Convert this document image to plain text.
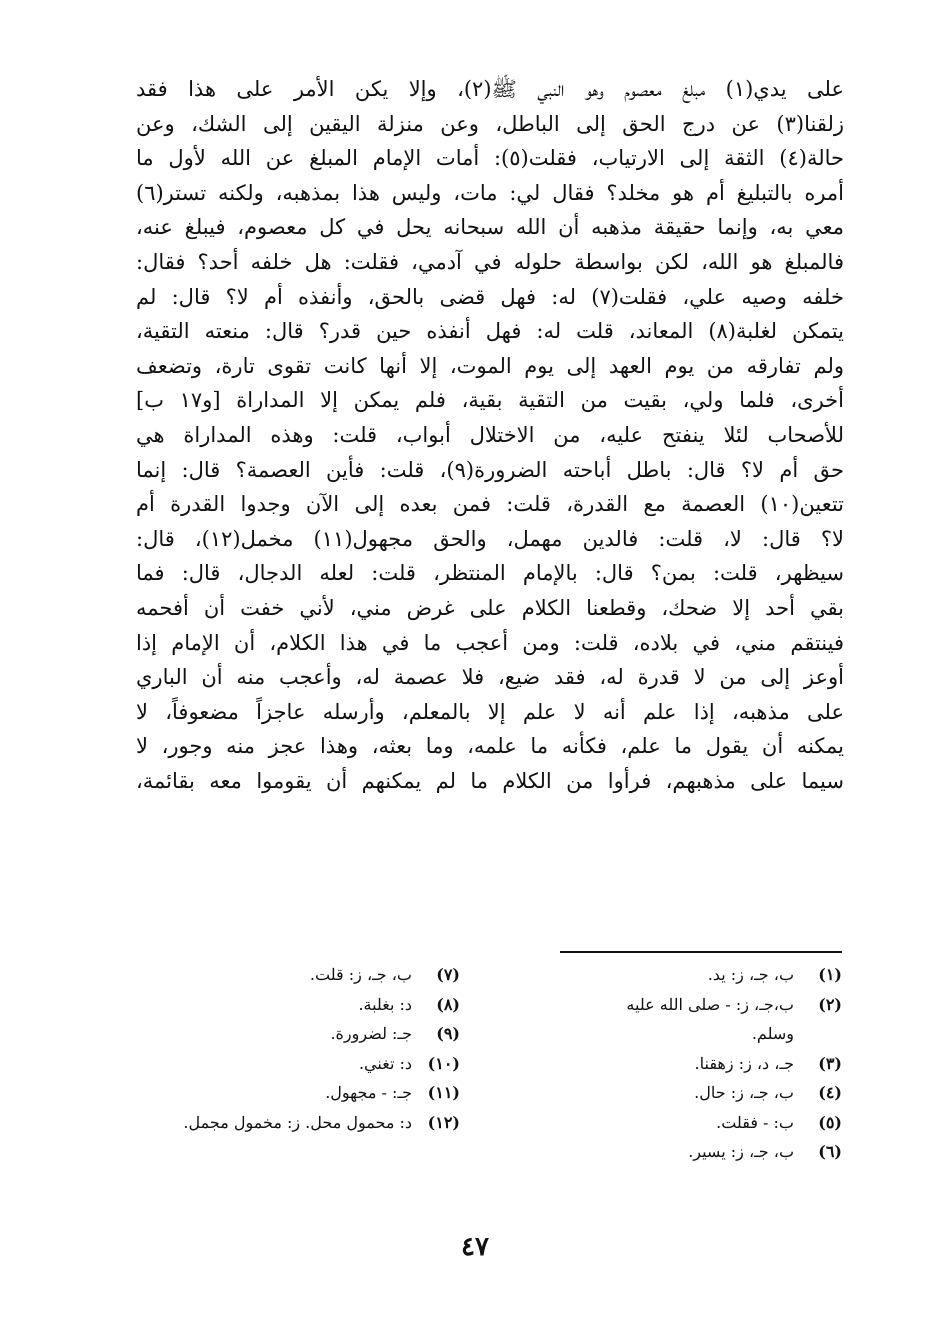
على يدي(١) مبلغ معصوم وهو النبي ﷺ(٢)، وإلا يكن الأمر على هذا فقد
زلقنا(٣) عن درج الحق إلى الباطل، وعن منزلة اليقين إلى الشك، وعن
حالة(٤) الثقة إلى الارتياب، فقلت(٥): أمات الإمام المبلغ عن الله لأول ما
أمره بالتبليغ أم هو مخلد؟ فقال لي: مات، وليس هذا بمذهبه، ولكنه تستر(٦)
معي به، وإنما حقيقة مذهبه أن الله سبحانه يحل في كل معصوم، فيبلغ عنه،
فالمبلغ هو الله، لكن بواسطة حلوله في آدمي، فقلت: هل خلفه أحد؟ فقال:
خلفه وصيه علي، فقلت(٧) له: فهل قضى بالحق، وأنفذه أم لا؟ قال: لم
يتمكن لغلبة(٨) المعاند، قلت له: فهل أنفذه حين قدر؟ قال: منعته التقية،
ولم تفارقه من يوم العهد إلى يوم الموت، إلا أنها كانت تقوى تارة، وتضعف
أخرى، فلما ولي، بقيت من التقية بقية، فلم يمكن إلا المداراة [و١٧ ب]
للأصحاب لئلا ينفتح عليه، من الاختلال أبواب، قلت: وهذه المداراة هي
حق أم لا؟ قال: باطل أباحته الضرورة(٩)، قلت: فأين العصمة؟ قال: إنما
تتعين(١٠) العصمة مع القدرة، قلت: فمن بعده إلى الآن وجدوا القدرة أم
لا؟ قال: لا، قلت: فالدين مهمل، والحق مجهول(١١) مخمل(١٢)، قال:
سيظهر، قلت: بمن؟ قال: بالإمام المنتظر، قلت: لعله الدجال، قال: فما
بقي أحد إلا ضحك، وقطعنا الكلام على غرض مني، لأني خفت أن أفحمه
فينتقم مني، في بلاده، قلت: ومن أعجب ما في هذا الكلام، أن الإمام إذا
أوعز إلى من لا قدرة له، فقد ضيع، فلا عصمة له، وأعجب منه أن الباري
على مذهبه، إذا علم أنه لا علم إلا بالمعلم، وأرسله عاجزاً مضعوفاً، لا
يمكنه أن يقول ما علم، فكأنه ما علمه، وما بعثه، وهذا عجز منه وجور، لا
سيما على مذهبهم، فرأوا من الكلام ما لم يمكنهم أن يقوموا معه بقائمة،
(١)ب، جـ، ز: يد.
(٢)ب،جـ، ز: - صلى الله عليه
وسلم.
(٣)جـ، د، ز: زهقنا.
(٤)ب، جـ، ز: حال.
(٥)ب: - فقلت.
(٦)ب، جـ، ز: يسير.
(٧)ب، جـ، ز: قلت.
(٨)د: بغلبة.
(٩)جـ: لضرورة.
(١٠)د: تغني.
(١١)جـ: - مجهول.
(١٢)د: محمول محل. ز: مخمول مجمل.
٤٧
